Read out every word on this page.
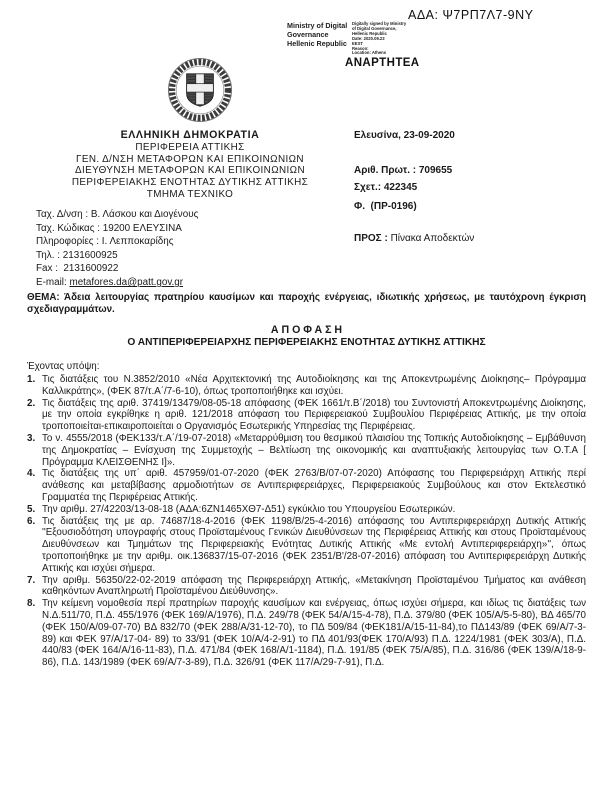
ΑΔΑ: Ψ7ΡΠ7Λ7-9ΝΥ
Ministry of Digital
Governance
Hellenic Republic
Digitally signed by Ministry
of Digital Governance,
Hellenic Republic
Date: 2020.09.23
EEST
Reason:
Location: Athens
ΑΝΑΡΤΗΤΕΑ
ΕΛΛΗΝΙΚΗ ΔΗΜΟΚΡΑΤΙΑ
ΠΕΡΙΦΕΡΕΙΑ ΑΤΤΙΚΗΣ
ΓΕΝ. Δ/ΝΣΗ ΜΕΤΑΦΟΡΩΝ ΚΑΙ ΕΠΙΚΟΙΝΩΝΙΩΝ
ΔΙΕΥΘΥΝΣΗ ΜΕΤΑΦΟΡΩΝ ΚΑΙ ΕΠΙΚΟΙΝΩΝΙΩΝ
ΠΕΡΙΦΕΡΕΙΑΚΗΣ ΕΝΟΤΗΤΑΣ ΔΥΤΙΚΗΣ ΑΤΤΙΚΗΣ
ΤΜΗΜΑ ΤΕΧΝΙΚΟ
Ταχ. Δ/νση : Β. Λάσκου και Διογένους
Ταχ. Κώδικας : 19200 ΕΛΕΥΣΙΝΑ
Πληροφορίες : Ι. Λεπποκαρίδης
Τηλ. : 2131600925
Fax :  2131600922
E-mail: metafores.da@patt.gov.gr
Ελευσίνα, 23-09-2020
Αριθ. Πρωτ. : 709655
Σχετ.: 422345
Φ.  (ΠΡ-0196)
ΠΡΟΣ : Πίνακα Αποδεκτών
ΘΕΜΑ: Άδεια λειτουργίας πρατηρίου καυσίμων και παροχής ενέργειας, ιδιωτικής χρήσεως, με ταυτόχρονη έγκριση σχεδιαγραμμάτων.
Α Π Ο Φ Α Σ Η
Ο ΑΝΤΙΠΕΡΙΦΕΡΕΙΑΡΧΗΣ ΠΕΡΙΦΕΡΕΙΑΚΗΣ ΕΝΟΤΗΤΑΣ ΔΥΤΙΚΗΣ ΑΤΤΙΚΗΣ
Έχοντας υπόψη:
1. Τις διατάξεις του Ν.3852/2010 «Νέα Αρχιτεκτονική της Αυτοδιοίκησης και της Αποκεντρωμένης Διοίκησης– Πρόγραμμα Καλλικράτης», (ΦΕΚ 87/τ.Α΄/7-6-10), όπως τροποποιήθηκε και ισχύει.
2. Τις διατάξεις της αριθ. 37419/13479/08-05-18 απόφασης (ΦΕΚ 1661/τ.Β΄/2018) του Συντονιστή Αποκεντρωμένης Διοίκησης, με την οποία εγκρίθηκε η αριθ. 121/2018 απόφαση του Περιφερειακού Συμβουλίου Περιφέρειας Αττικής, με την οποία τροποποιείται-επικαιροποιείται ο Οργανισμός Εσωτερικής Υπηρεσίας της Περιφέρειας.
3. Το ν. 4555/2018 (ΦΕΚ133/τ.Α΄/19-07-2018) «Μεταρρύθμιση του θεσμικού πλαισίου της Τοπικής Αυτοδιοίκησης – Εμβάθυνση της Δημοκρατίας – Ενίσχυση της Συμμετοχής – Βελτίωση της οικονομικής και αναπτυξιακής λειτουργίας των Ο.Τ.Α [ Πρόγραμμα ΚΛΕΙΣΘΕΝΗΣ Ι]».
4. Τις διατάξεις της υπ΄ αριθ. 457959/01-07-2020 (ΦΕΚ 2763/Β/07-07-2020) Απόφασης του Περιφερειάρχη Αττικής περί ανάθεσης και μεταβίβασης αρμοδιοτήτων σε Αντιπεριφερειάρχες, Περιφερειακούς Συμβούλους και στον Εκτελεστικό Γραμματέα της Περιφέρειας Αττικής.
5. Την αριθμ. 27/42203/13-08-18 (ΑΔΑ:6ΖΝ1465ΧΘ7-Δ51) εγκύκλιο του Υπουργείου Εσωτερικών.
6. Τις διατάξεις της με αρ. 74687/18-4-2016 (ΦΕΚ 1198/Β/25-4-2016) απόφασης του Αντιπεριφερειάρχη Δυτικής Αττικής ''Εξουσιοδότηση υπογραφής στους Προϊσταμένους Γενικών Διευθύνσεων της Περιφέρειας Αττικής και στους Προϊσταμένους Διευθύνσεων και Τμημάτων της Περιφερειακής Ενότητας Δυτικής Αττικής «Με εντολή Αντιπεριφερειάρχη»'', όπως τροποποιήθηκε με την αριθμ. οικ.136837/15-07-2016 (ΦΕΚ 2351/Β'/28-07-2016) απόφαση του Αντιπεριφερειάρχη Δυτικής Αττικής και ισχύει σήμερα.
7. Την αριθμ. 56350/22-02-2019 απόφαση της Περιφερειάρχη Αττικής, «Μετακίνηση Προϊσταμένου Τμήματος και ανάθεση καθηκόντων Αναπληρωτή Προϊσταμένου Διεύθυνσης».
8. Την κείμενη νομοθεσία περί πρατηρίων παροχής καυσίμων και ενέργειας, όπως ισχύει σήμερα, και ιδίως τις διατάξεις των Ν.Δ.511/70, Π.Δ. 455/1976 (ΦΕΚ 169/Α/1976), Π.Δ. 249/78 (ΦΕΚ 54/Α/15-4-78), Π.Δ. 379/80 (ΦΕΚ 105/Α/5-5-80), ΒΔ 465/70 (ΦΕΚ 150/Α/09-07-70) ΒΔ 832/70 (ΦΕΚ 288/Α/31-12-70), το ΠΔ 509/84 (ΦΕΚ181/Α/15-11-84),το ΠΔ143/89 (ΦΕΚ 69/Α/7-3-89) και ΦΕΚ 97/Α/17-04- 89) το 33/91 (ΦΕΚ 10/Α/4-2-91) το ΠΔ 401/93(ΦΕΚ 170/Α/93) Π.Δ. 1224/1981 (ΦΕΚ 303/Α), Π.Δ. 440/83 (ΦΕΚ 164/Α/16-11-83), Π.Δ. 471/84 (ΦΕΚ 168/Α/1-1184), Π.Δ. 191/85 (ΦΕΚ 75/Α/85), Π.Δ. 316/86 (ΦΕΚ 139/Α/18-9-86), Π.Δ. 143/1989 (ΦΕΚ 69/Α/7-3-89), Π.Δ. 326/91 (ΦΕΚ 117/Α/29-7-91), Π.Δ.
